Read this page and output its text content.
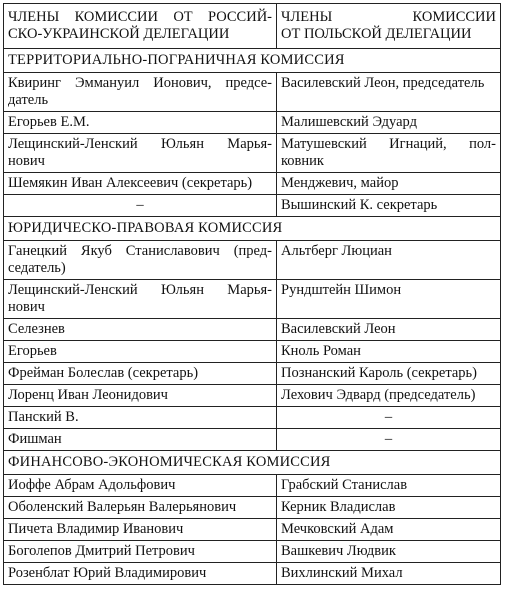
ЧЛЕНЫ КОМИССИИ ОТ РОССИЙ-
СКО-УКРАИНСКОЙ ДЕЛЕГАЦИИ	ЧЛЕНЫ КОМИССИИ
ОТ ПОЛЬСКОЙ ДЕЛЕГАЦИИ

ТЕРРИТОРИАЛЬНО-ПОГРАНИЧНАЯ КОМИССИЯ	

Квиринг Эммануил Ионович, предсе-
датель	Василевский Леон, председатель

Егорьев Е.М.	Малишевский Эдуард

Лещинский-Ленский Юльян Марья-
нович	Матушевский Игнаций, пол-
ковник

Шемякин Иван Алексеевич (секретарь)	Менджевич, майор

–	Вышинский К. секретарь

ЮРИДИЧЕСКО-ПРАВОВАЯ КОМИССИЯ	

Ганецкий Якуб Станиславович (пред-
седатель)	Альтберг Люциан

Лещинский-Ленский Юльян Марья-
нович	Рундштейн Шимон

Селезнев	Василевский Леон

Егорьев	Кноль Роман

Фрейман Болеслав (секретарь)	Познанский Кароль (секретарь)

Лоренц Иван Леонидович	Лехович Эдвард (председатель)

Панский В.	–

Фишман	–

ФИНАНСОВО-ЭКОНОМИЧЕСКАЯ КОМИССИЯ	

Иоффе Абрам Адольфович	Грабский Станислав

Оболенский Валерьян Валерьянович	Керник Владислав

Пичета Владимир Иванович	Мечковский Адам

Боголепов Дмитрий Петрович	Вашкевич Людвик

Розенблат Юрий Владимирович	Вихлинский Михал
